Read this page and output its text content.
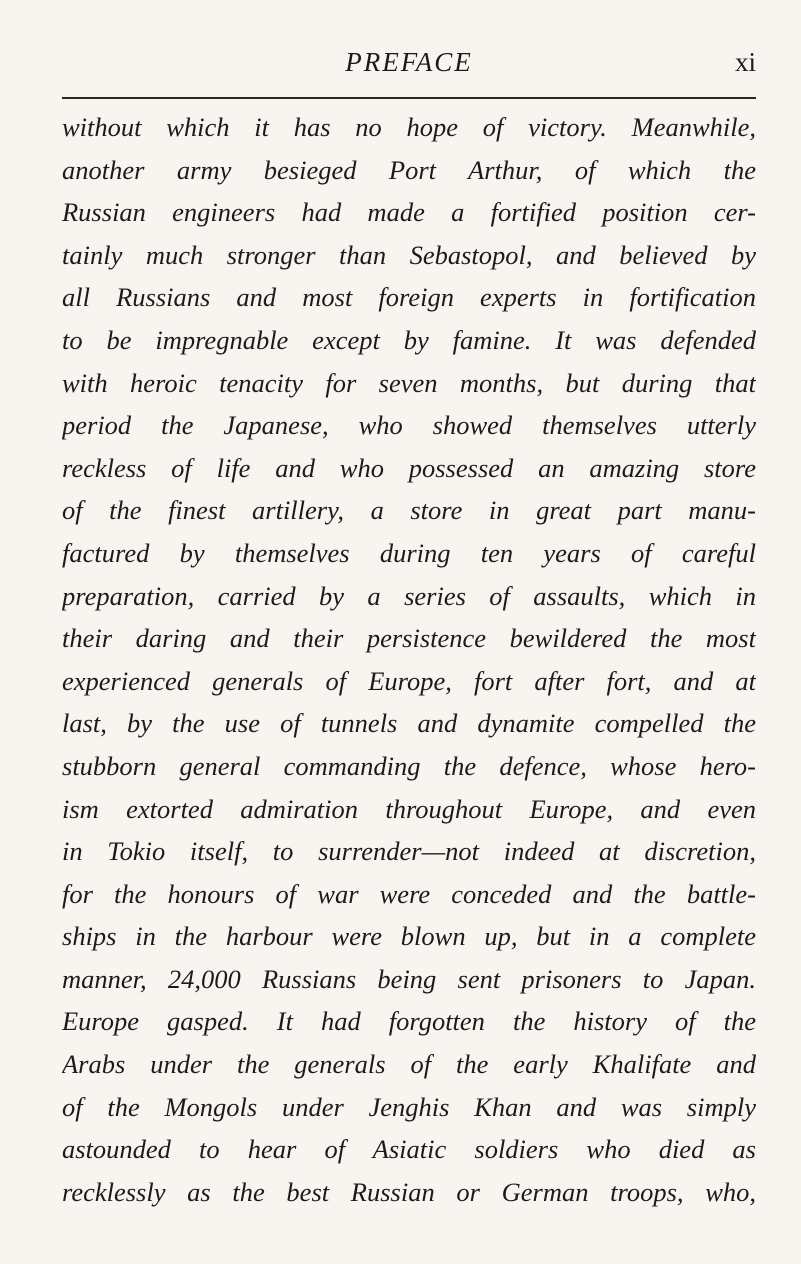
PREFACE	xi
without which it has no hope of victory. Meanwhile,
another army besieged Port Arthur, of which the
Russian engineers had made a fortified position cer-
tainly much stronger than Sebastopol, and believed by
all Russians and most foreign experts in fortification
to be impregnable except by famine. It was defended
with heroic tenacity for seven months, but during that
period the Japanese, who showed themselves utterly
reckless of life and who possessed an amazing store
of the finest artillery, a store in great part manu-
factured by themselves during ten years of careful
preparation, carried by a series of assaults, which in
their daring and their persistence bewildered the most
experienced generals of Europe, fort after fort, and at
last, by the use of tunnels and dynamite compelled the
stubborn general commanding the defence, whose hero-
ism extorted admiration throughout Europe, and even
in Tokio itself, to surrender—not indeed at discretion,
for the honours of war were conceded and the battle-
ships in the harbour were blown up, but in a complete
manner, 24,000 Russians being sent prisoners to Japan.
Europe gasped. It had forgotten the history of the
Arabs under the generals of the early Khalifate and
of the Mongols under Jenghis Khan and was simply
astounded to hear of Asiatic soldiers who died as
recklessly as the best Russian or German troops, who,
